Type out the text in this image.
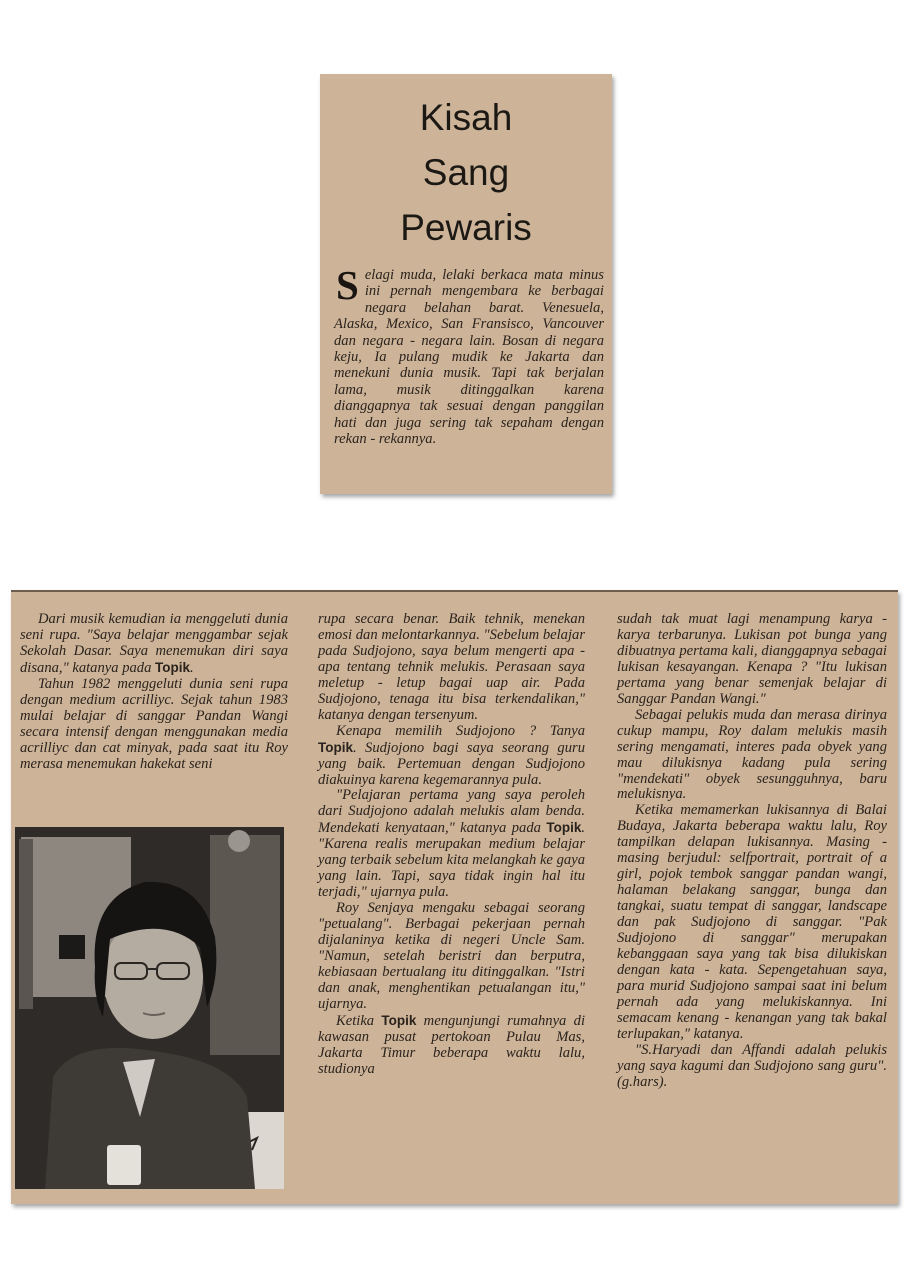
Kisah
Sang
Pewaris
Selagi muda, lelaki berkaca mata minus ini pernah mengembara ke berbagai negara belahan barat. Venesuela, Alaska, Mexico, San Fransisco, Vancouver dan negara - negara lain. Bosan di negara keju, Ia pulang mudik ke Jakarta dan menekuni dunia musik. Tapi tak berjalan lama, musik ditinggalkan karena dianggapnya tak sesuai dengan panggilan hati dan juga sering tak sepaham dengan rekan - rekannya.

Dari musik kemudian ia menggeluti dunia seni rupa. "Saya belajar menggambar sejak Sekolah Dasar. Saya menemukan diri saya disana," katanya pada Topik.

Tahun 1982 menggeluti dunia seni rupa dengan medium acrilliyc. Sejak tahun 1983 mulai belajar di sanggar Pandan Wangi secara intensif dengan menggunakan media acrilliyc dan cat minyak, pada saat itu Roy merasa menemukan hakekat seni

rupa secara benar. Baik tehnik, menekan emosi dan melontarkannya. "Sebelum belajar pada Sudjojono, saya belum mengerti apa - apa tentang tehnik melukis. Perasaan saya meletup - letup bagai uap air. Pada Sudjojono, tenaga itu bisa terkendalikan," katanya dengan tersenyum.

Kenapa memilih Sudjojono ? Tanya Topik. Sudjojono bagi saya seorang guru yang baik. Pertemuan dengan Sudjojono diakuinya karena kegemarannya pula.

"Pelajaran pertama yang saya peroleh dari Sudjojono adalah melukis alam benda. Mendekati kenyataan," katanya pada Topik. "Karena realis merupakan medium belajar yang terbaik sebelum kita melangkah ke gaya yang lain. Tapi, saya tidak ingin hal itu terjadi," ujarnya pula.

Roy Senjaya mengaku sebagai seorang "petualang". Berbagai pekerjaan pernah dijalaninya ketika di negeri Uncle Sam. "Namun, setelah beristri dan berputra, kebiasaan bertualang itu ditinggalkan. "Istri dan anak, menghentikan petualangan itu," ujarnya.

Ketika Topik mengunjungi rumahnya di kawasan pusat pertokoan Pulau Mas, Jakarta Timur beberapa waktu lalu, studionya

sudah tak muat lagi menampung karya - karya terbarunya. Lukisan pot bunga yang dibuatnya pertama kali, dianggapnya sebagai lukisan kesayangan. Kenapa ? "Itu lukisan pertama yang benar semenjak belajar di Sanggar Pandan Wangi."

Sebagai pelukis muda dan merasa dirinya cukup mampu, Roy dalam melukis masih sering mengamati, interes pada obyek yang mau dilukisnya kadang pula sering "mendekati" obyek sesungguhnya, baru melukisnya.

Ketika memamerkan lukisannya di Balai Budaya, Jakarta beberapa waktu lalu, Roy tampilkan delapan lukisannya. Masing - masing berjudul: selfportrait, portrait of a girl, pojok tembok sanggar pandan wangi, halaman belakang sanggar, bunga dan tangkai, suatu tempat di sanggar, landscape dan pak Sudjojono di sanggar. "Pak Sudjojono di sanggar" merupakan kebanggaan saya yang tak bisa dilukiskan dengan kata - kata. Sepengetahuan saya, para murid Sudjojono sampai saat ini belum pernah ada yang melukiskannya. Ini semacam kenang - kenangan yang tak bakal terlupakan," katanya.

"S.Haryadi dan Affandi adalah pelukis yang saya kagumi dan Sudjojono sang guru". (g.hars).
